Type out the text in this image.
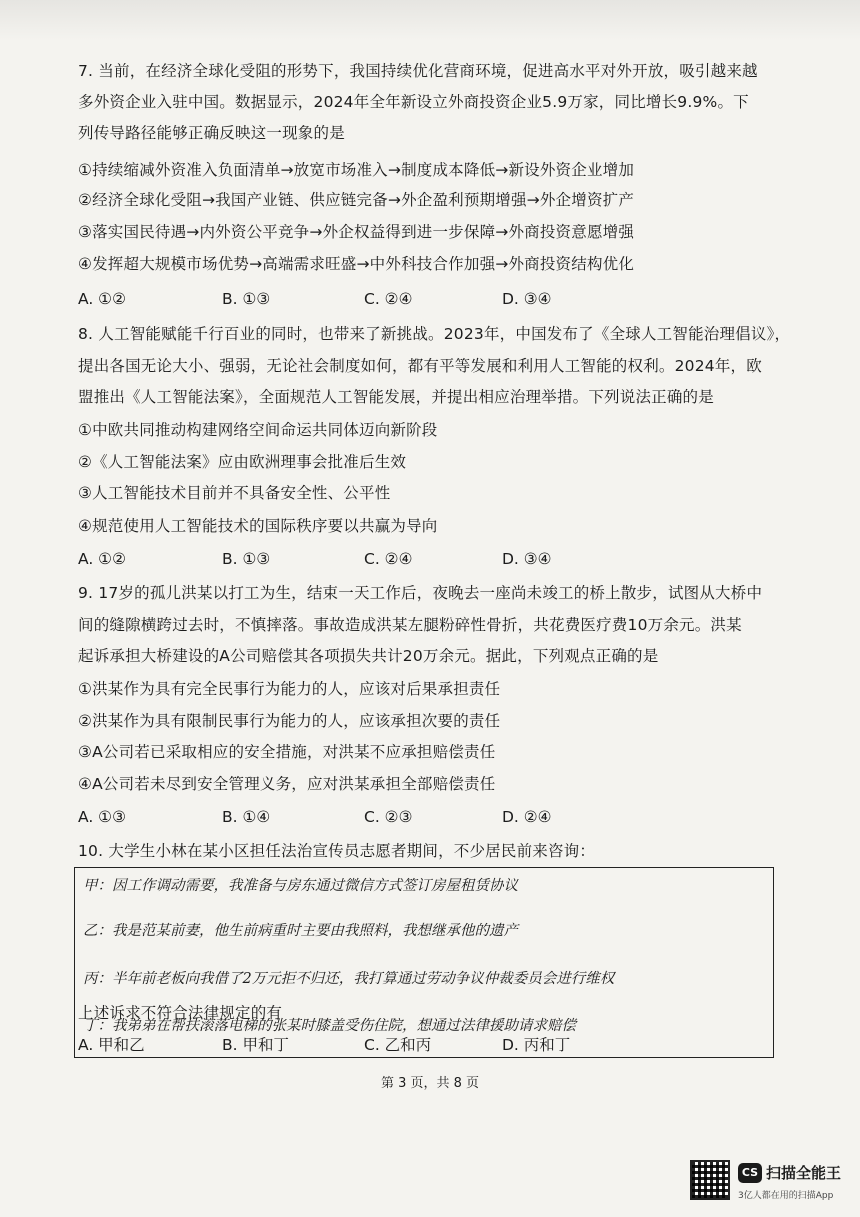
7. 当前，在经济全球化受阻的形势下，我国持续优化营商环境，促进高水平对外开放，吸引越来越
多外资企业入驻中国。数据显示，2024年全年新设立外商投资企业5.9万家，同比增长9.9%。下
列传导路径能够正确反映这一现象的是
①持续缩减外资准入负面清单→放宽市场准入→制度成本降低→新设外资企业增加
②经济全球化受阻→我国产业链、供应链完备→外企盈利预期增强→外企增资扩产
③落实国民待遇→内外资公平竞争→外企权益得到进一步保障→外商投资意愿增强
④发挥超大规模市场优势→高端需求旺盛→中外科技合作加强→外商投资结构优化
A. ①②	B. ①③	C. ②④	D. ③④
8. 人工智能赋能千行百业的同时，也带来了新挑战。2023年，中国发布了《全球人工智能治理倡议》，
提出各国无论大小、强弱，无论社会制度如何，都有平等发展和利用人工智能的权利。2024年，欧
盟推出《人工智能法案》，全面规范人工智能发展，并提出相应治理举措。下列说法正确的是
①中欧共同推动构建网络空间命运共同体迈向新阶段
②《人工智能法案》应由欧洲理事会批准后生效
③人工智能技术目前并不具备安全性、公平性
④规范使用人工智能技术的国际秩序要以共赢为导向
A. ①②	B. ①③	C. ②④	D. ③④
9. 17岁的孤儿洪某以打工为生，结束一天工作后，夜晚去一座尚未竣工的桥上散步，试图从大桥中
间的缝隙横跨过去时，不慎摔落。事故造成洪某左腿粉碎性骨折，共花费医疗费10万余元。洪某
起诉承担大桥建设的A公司赔偿其各项损失共计20万余元。据此，下列观点正确的是
①洪某作为具有完全民事行为能力的人，应该对后果承担责任
②洪某作为具有限制民事行为能力的人，应该承担次要的责任
③A公司若已采取相应的安全措施，对洪某不应承担赔偿责任
④A公司若未尽到安全管理义务，应对洪某承担全部赔偿责任
A. ①③	B. ①④	C. ②③	D. ②④
10. 大学生小林在某小区担任法治宣传员志愿者期间，不少居民前来咨询：
甲：因工作调动需要，我准备与房东通过微信方式签订房屋租赁协议
乙：我是范某前妻，他生前病重时主要由我照料，我想继承他的遗产
丙：半年前老板向我借了2万元拒不归还，我打算通过劳动争议仲裁委员会进行维权
丁：我弟弟在帮扶滚落电梯的张某时膝盖受伤住院，想通过法律援助请求赔偿
上述诉求不符合法律规定的有
A. 甲和乙	B. 甲和丁	C. 乙和丙	D. 丙和丁
第 3 页，共 8 页
CS 扫描全能王
3亿人都在用的扫描App
